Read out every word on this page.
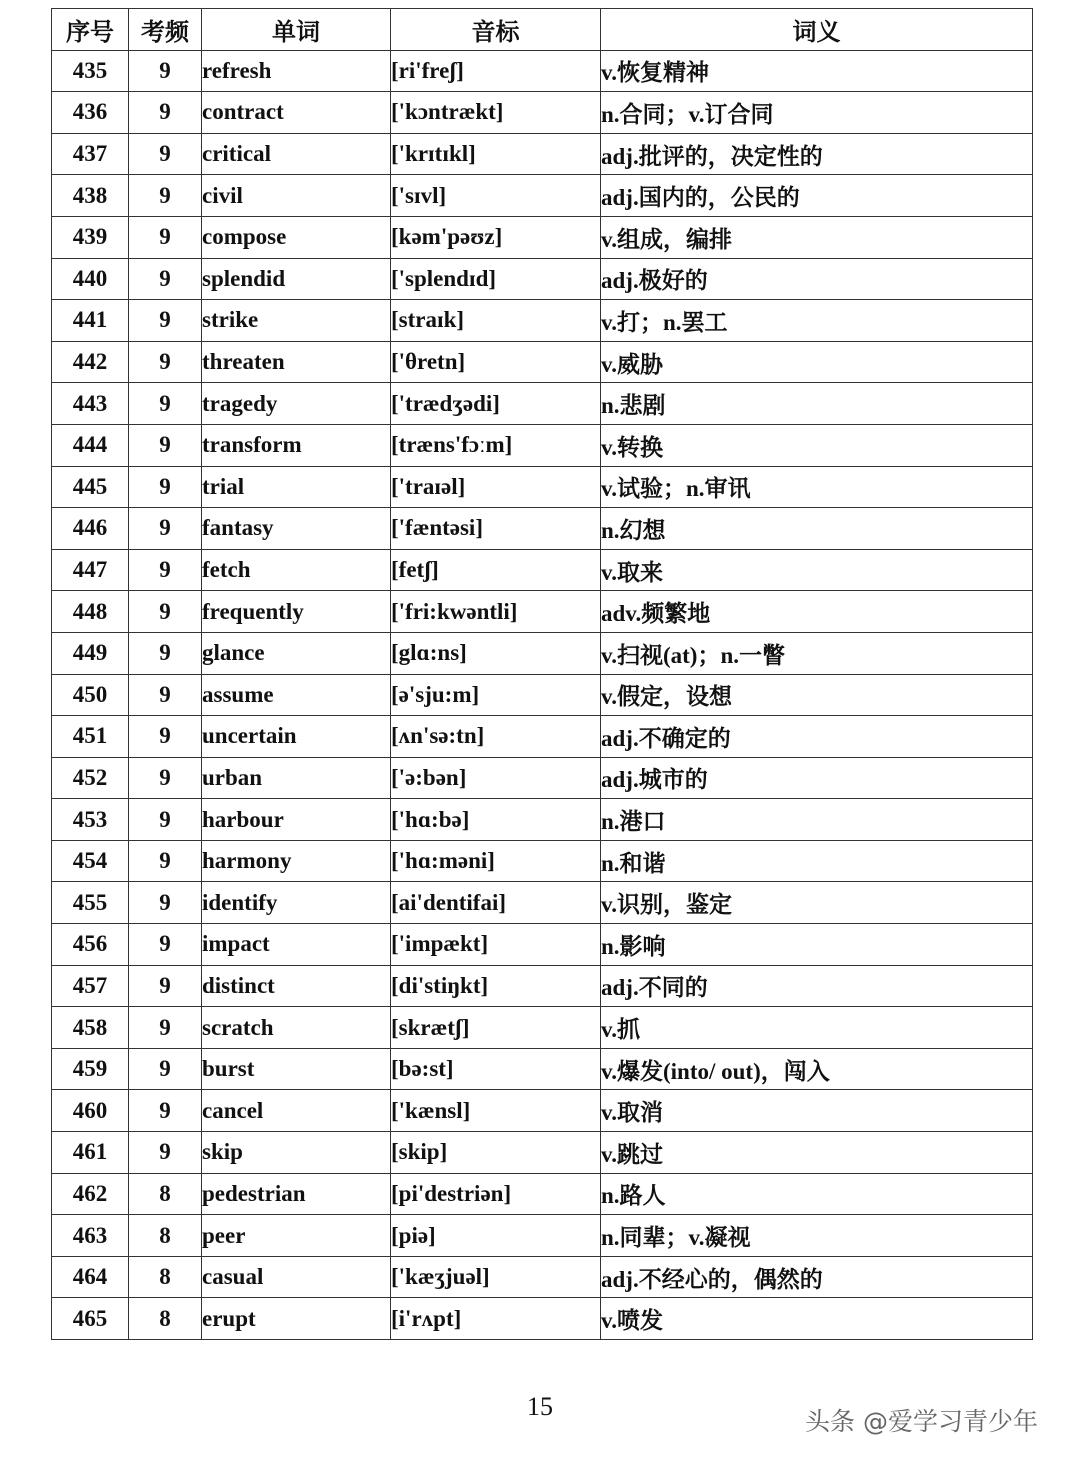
序号	考频	单词	音标	词义
435	9	refresh	[ri'freʃ]	v.恢复精神
436	9	contract	['kɔntrækt]	n.合同；v.订合同
437	9	critical	['krɪtɪkl]	adj.批评的，决定性的
438	9	civil	['sɪvl]	adj.国内的，公民的
439	9	compose	[kəm'pəʊz]	v.组成，编排
440	9	splendid	['splendɪd]	adj.极好的
441	9	strike	[straɪk]	v.打；n.罢工
442	9	threaten	['θretn]	v.威胁
443	9	tragedy	['trædʒədi]	n.悲剧
444	9	transform	[træns'fɔːm]	v.转换
445	9	trial	['traɪəl]	v.试验；n.审讯
446	9	fantasy	['fæntəsi]	n.幻想
447	9	fetch	[fetʃ]	v.取来
448	9	frequently	['fri:kwəntli]	adv.频繁地
449	9	glance	[glɑ:ns]	v.扫视(at)；n.一瞥
450	9	assume	[ə'sju:m]	v.假定，设想
451	9	uncertain	[ʌn'sə:tn]	adj.不确定的
452	9	urban	['ə:bən]	adj.城市的
453	9	harbour	['hɑ:bə]	n.港口
454	9	harmony	['hɑ:məni]	n.和谐
455	9	identify	[ai'dentifai]	v.识别，鉴定
456	9	impact	['impækt]	n.影响
457	9	distinct	[di'stiŋkt]	adj.不同的
458	9	scratch	[skrætʃ]	v.抓
459	9	burst	[bə:st]	v.爆发(into/ out)，闯入
460	9	cancel	['kænsl]	v.取消
461	9	skip	[skip]	v.跳过
462	8	pedestrian	[pi'destriən]	n.路人
463	8	peer	[piə]	n.同辈；v.凝视
464	8	casual	['kæʒjuəl]	adj.不经心的，偶然的
465	8	erupt	[i'rʌpt]	v.喷发
15
头条 @爱学习青少年
